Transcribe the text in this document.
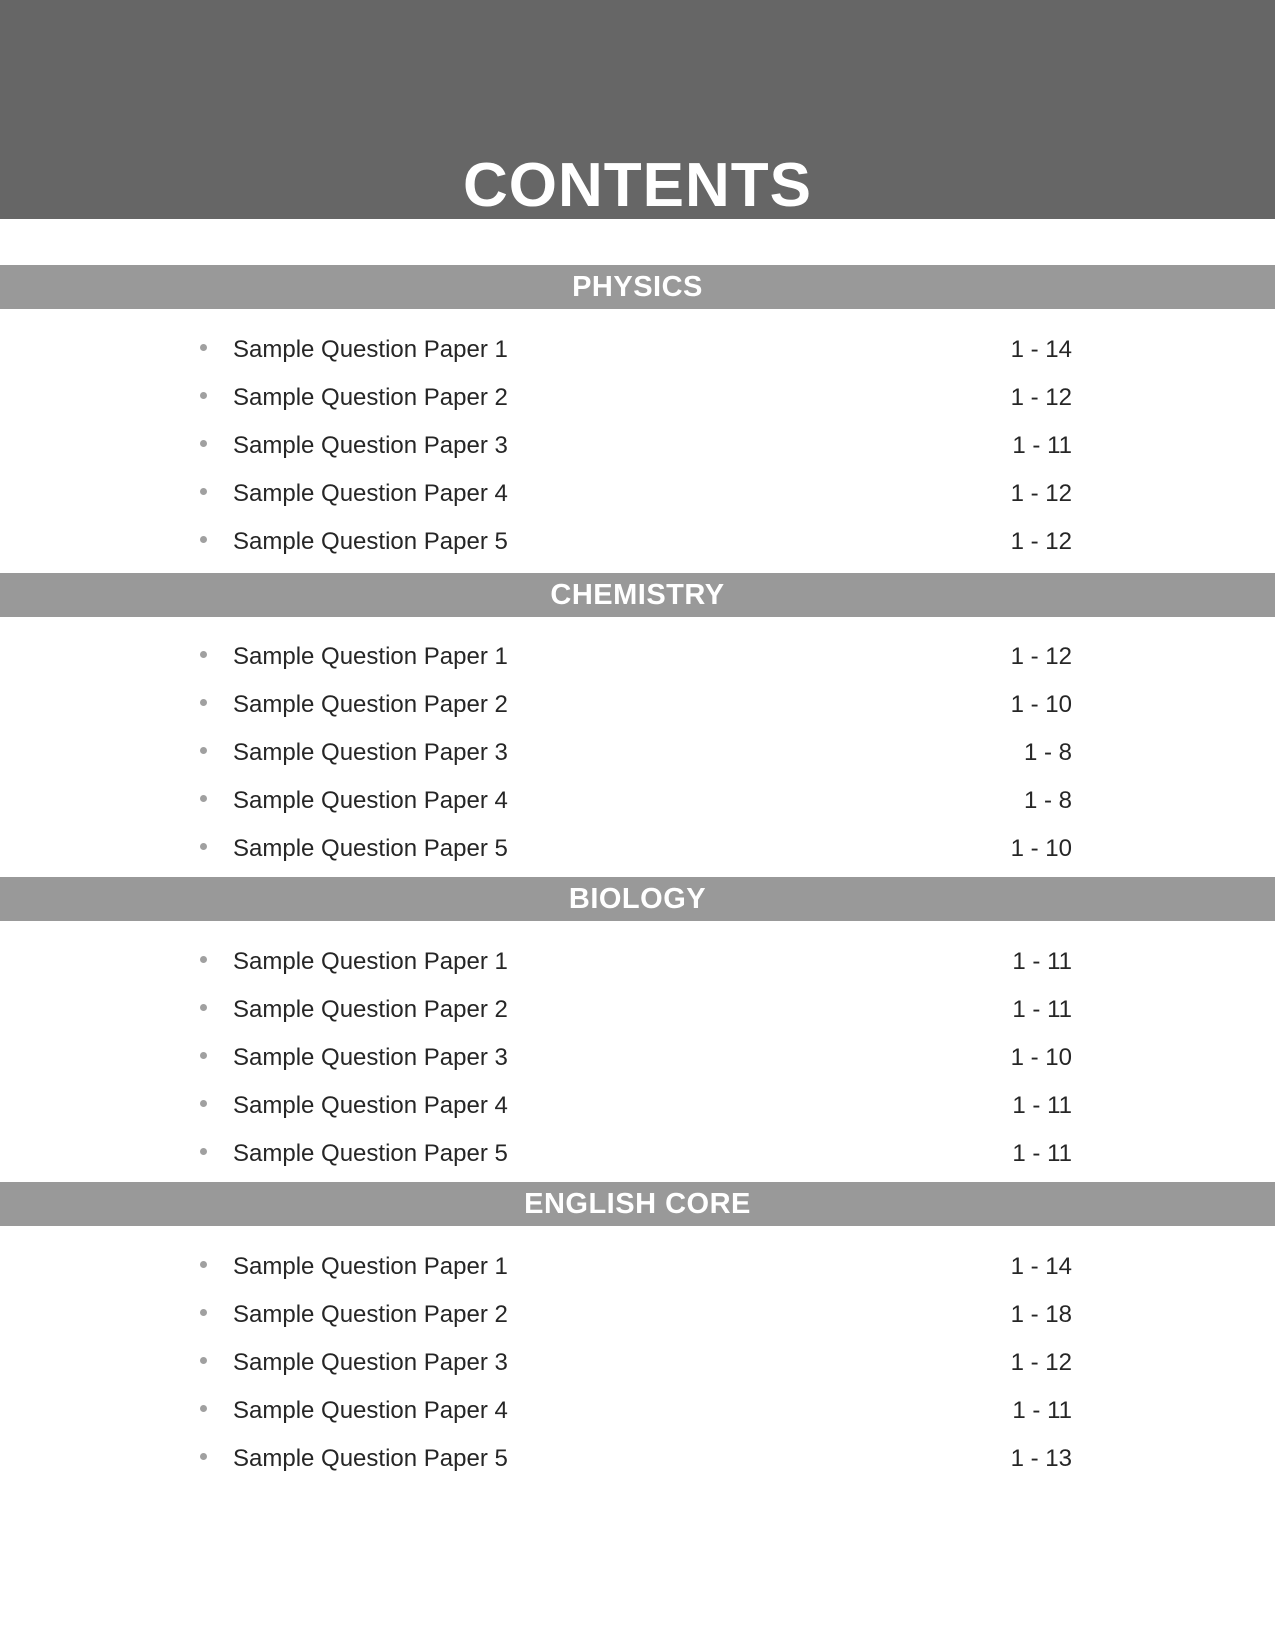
CONTENTS
PHYSICS
Sample Question Paper 1	1 - 14
Sample Question Paper 2	1 - 12
Sample Question Paper 3	1 - 11
Sample Question Paper 4	1 - 12
Sample Question Paper 5	1 - 12
CHEMISTRY
Sample Question Paper 1	1 - 12
Sample Question Paper 2	1 - 10
Sample Question Paper 3	1 - 8
Sample Question Paper 4	1 - 8
Sample Question Paper 5	1 - 10
BIOLOGY
Sample Question Paper 1	1 - 11
Sample Question Paper 2	1 - 11
Sample Question Paper 3	1 - 10
Sample Question Paper 4	1 - 11
Sample Question Paper 5	1 - 11
ENGLISH CORE
Sample Question Paper 1	1 - 14
Sample Question Paper 2	1 - 18
Sample Question Paper 3	1 - 12
Sample Question Paper 4	1 - 11
Sample Question Paper 5	1 - 13
